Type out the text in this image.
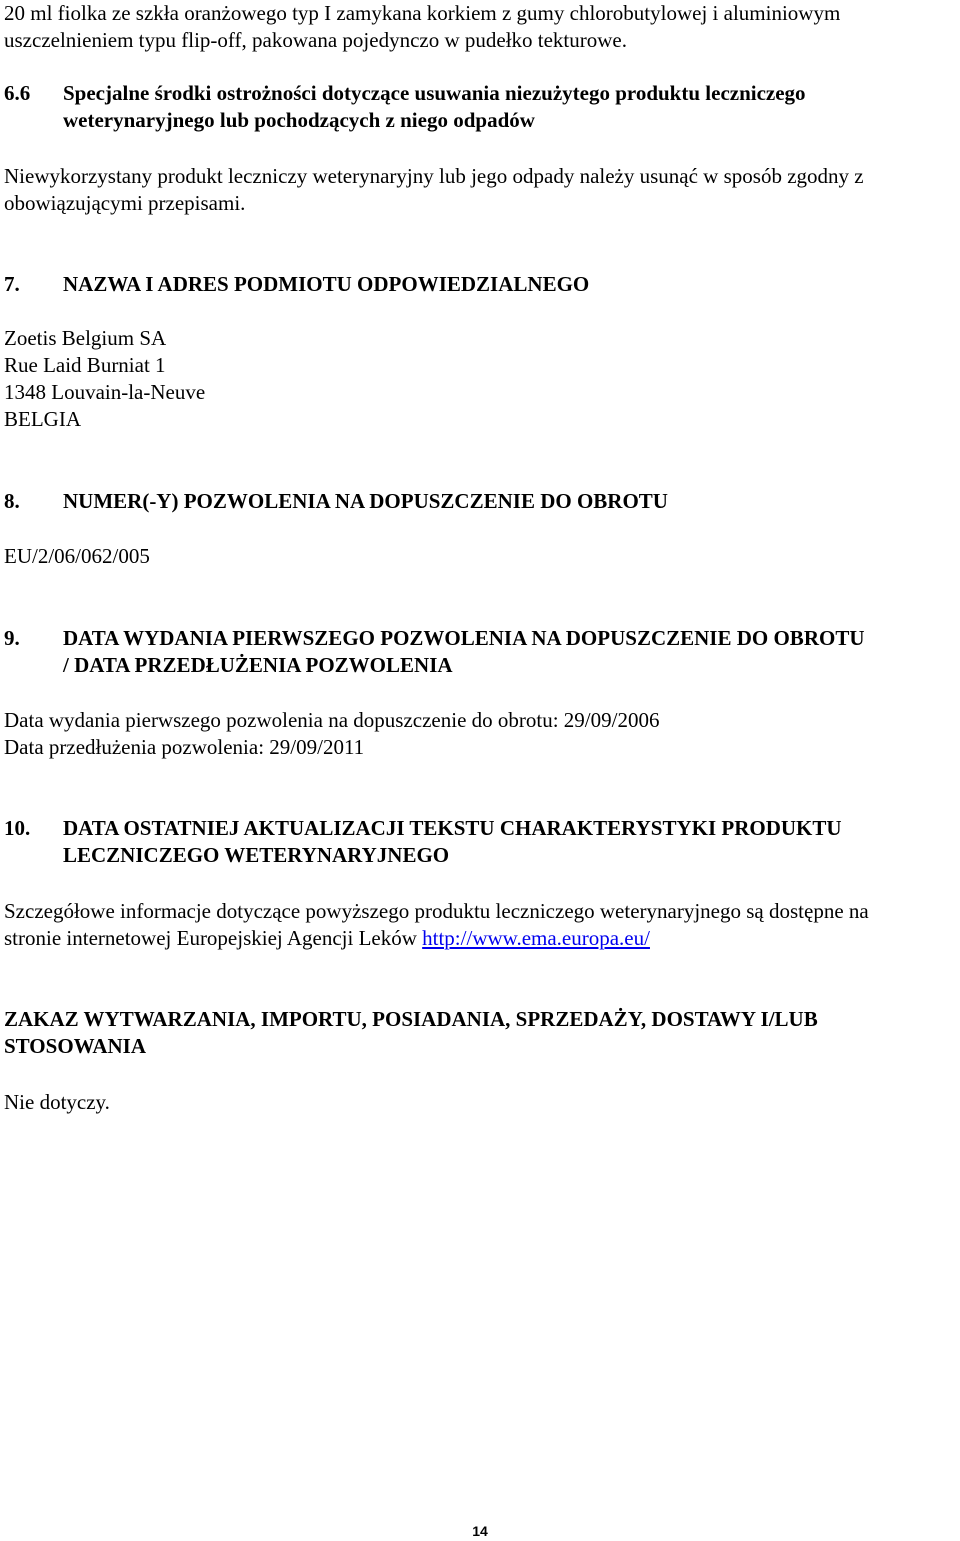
20 ml fiolka ze szkła oranżowego typ I zamykana korkiem z gumy chlorobutylowej i aluminiowym
uszczelnieniem typu flip-off, pakowana pojedynczo w pudełko tekturowe.

6.6 Specjalne środki ostrożności dotyczące usuwania niezużytego produktu leczniczego
weterynaryjnego lub pochodzących z niego odpadów

Niewykorzystany produkt leczniczy weterynaryjny lub jego odpady należy usunąć w sposób zgodny z
obowiązującymi przepisami.

7. NAZWA I ADRES PODMIOTU ODPOWIEDZIALNEGO

Zoetis Belgium SA
Rue Laid Burniat 1
1348 Louvain-la-Neuve
BELGIA

8. NUMER(-Y) POZWOLENIA NA DOPUSZCZENIE DO OBROTU

EU/2/06/062/005

9. DATA WYDANIA PIERWSZEGO POZWOLENIA NA DOPUSZCZENIE DO OBROTU
/ DATA PRZEDŁUŻENIA POZWOLENIA

Data wydania pierwszego pozwolenia na dopuszczenie do obrotu: 29/09/2006
Data przedłużenia pozwolenia: 29/09/2011

10. DATA OSTATNIEJ AKTUALIZACJI TEKSTU CHARAKTERYSTYKI PRODUKTU
LECZNICZEGO WETERYNARYJNEGO

Szczegółowe informacje dotyczące powyższego produktu leczniczego weterynaryjnego są dostępne na
stronie internetowej Europejskiej Agencji Leków http://www.ema.europa.eu/

ZAKAZ WYTWARZANIA, IMPORTU, POSIADANIA, SPRZEDAŻY, DOSTAWY I/LUB
STOSOWANIA

Nie dotyczy.

14
